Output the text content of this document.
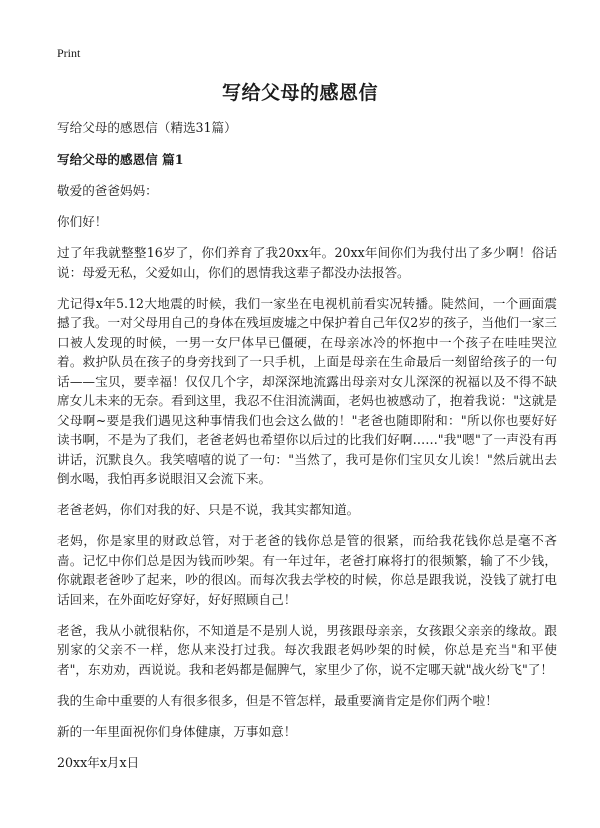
Print
写给父母的感恩信

写给父母的感恩信（精选31篇）

写给父母的感恩信 篇1

敬爱的爸爸妈妈：

你们好！

过了年我就整整16岁了，你们养育了我20xx年。20xx年间你们为我付出了多少啊！俗话说：母爱无私，父爱如山，你们的恩情我这辈子都没办法报答。

尤记得x年5.12大地震的时候，我们一家坐在电视机前看实况转播。陡然间，一个画面震撼了我。一对父母用自己的身体在残垣废墟之中保护着自己年仅2岁的孩子，当他们一家三口被人发现的时候，一男一女尸体早已僵硬，在母亲冰冷的怀抱中一个孩子在哇哇哭泣着。救护队员在孩子的身旁找到了一只手机，上面是母亲在生命最后一刻留给孩子的一句话——宝贝，要幸福！仅仅几个字，却深深地流露出母亲对女儿深深的祝福以及不得不缺席女儿未来的无奈。看到这里，我忍不住泪流满面，老妈也被感动了，抱着我说："这就是父母啊~要是我们遇见这种事情我们也会这么做的！"老爸也随即附和："所以你也要好好读书啊，不是为了我们，老爸老妈也希望你以后过的比我们好啊……"我"嗯"了一声没有再讲话，沉默良久。我笑嘻嘻的说了一句："当然了，我可是你们宝贝女儿诶！"然后就出去倒水喝，我怕再多说眼泪又会流下来。

老爸老妈，你们对我的好、只是不说，我其实都知道。

老妈，你是家里的财政总管，对于老爸的钱你总是管的很紧，而给我花钱你总是毫不吝啬。记忆中你们总是因为钱而吵架。有一年过年，老爸打麻将打的很频繁，输了不少钱，你就跟老爸吵了起来，吵的很凶。而每次我去学校的时候，你总是跟我说，没钱了就打电话回来，在外面吃好穿好，好好照顾自己！

老爸，我从小就很粘你，不知道是不是别人说，男孩跟母亲亲，女孩跟父亲亲的缘故。跟别家的父亲不一样，您从来没打过我。每次我跟老妈吵架的时候，你总是充当"和平使者"，东劝劝，西说说。我和老妈都是倔脾气，家里少了你，说不定哪天就"战火纷飞"了！

我的生命中重要的人有很多很多，但是不管怎样，最重要滴肯定是你们两个啦！

新的一年里面祝你们身体健康，万事如意！

20xx年x月x日
